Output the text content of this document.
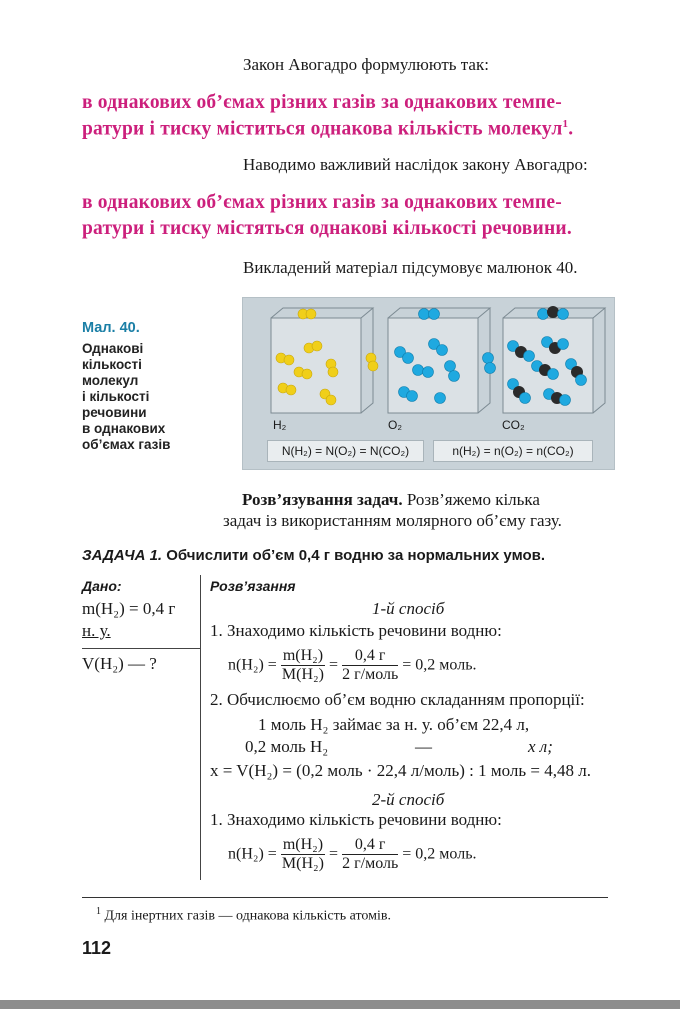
Закон Авогадро формулюють так:
в однакових об’ємах різних газів за однакових темпе-
ратури і тиску міститься однакова кількість молекул$^1$.
Наводимо важливий наслідок закону Авогадро:
в однакових об’ємах різних газів за однакових темпе-
ратури і тиску містяться однакові кількості речовини.
Викладений матеріал підсумовує малюнок 40.
Мал. 40.
Однакові
кількості
молекул
і кількості
речовини
в однакових
об’ємах газів
H₂	O₂	CO₂
N(H₂) = N(O₂) = N(CO₂)	n(H₂) = n(O₂) = n(CO₂)
Розв’язування задач. Розв’яжемо кілька
задач із використанням молярного об’єму газу.
ЗАДАЧА 1. Обчислити об’єм 0,4 г водню за нормальних умов.
Дано:
m(H₂) = 0,4 г
н. у.
V(H₂) — ?
Розв’язання
1-й спосіб
1. Знаходимо кількість речовини водню:
$n(H_2) = \frac{\text{m(H₂)}}{\text{M(H₂)}} = \frac{0,4 г}{\text{2 г/моль}} = 0,2$ моль.
2. Обчислюємо об’єм водню складанням пропорції:
1 моль H₂ займає за н. у. об’єм 22,4 л,
0,2 моль H₂	—	x л;
x = V(H₂) = (0,2 моль · 22,4 л/моль) : 1 моль = 4,48 л.
2-й спосіб
1. Знаходимо кількість речовини водню:
$n(H_2) = \frac{\text{m(H₂)}}{\text{M(H₂)}} = \frac{0,4 г}{\text{2 г/моль}} = 0,2$ моль.
$^1$ Для інертних газів — однакова кількість атомів.
112
